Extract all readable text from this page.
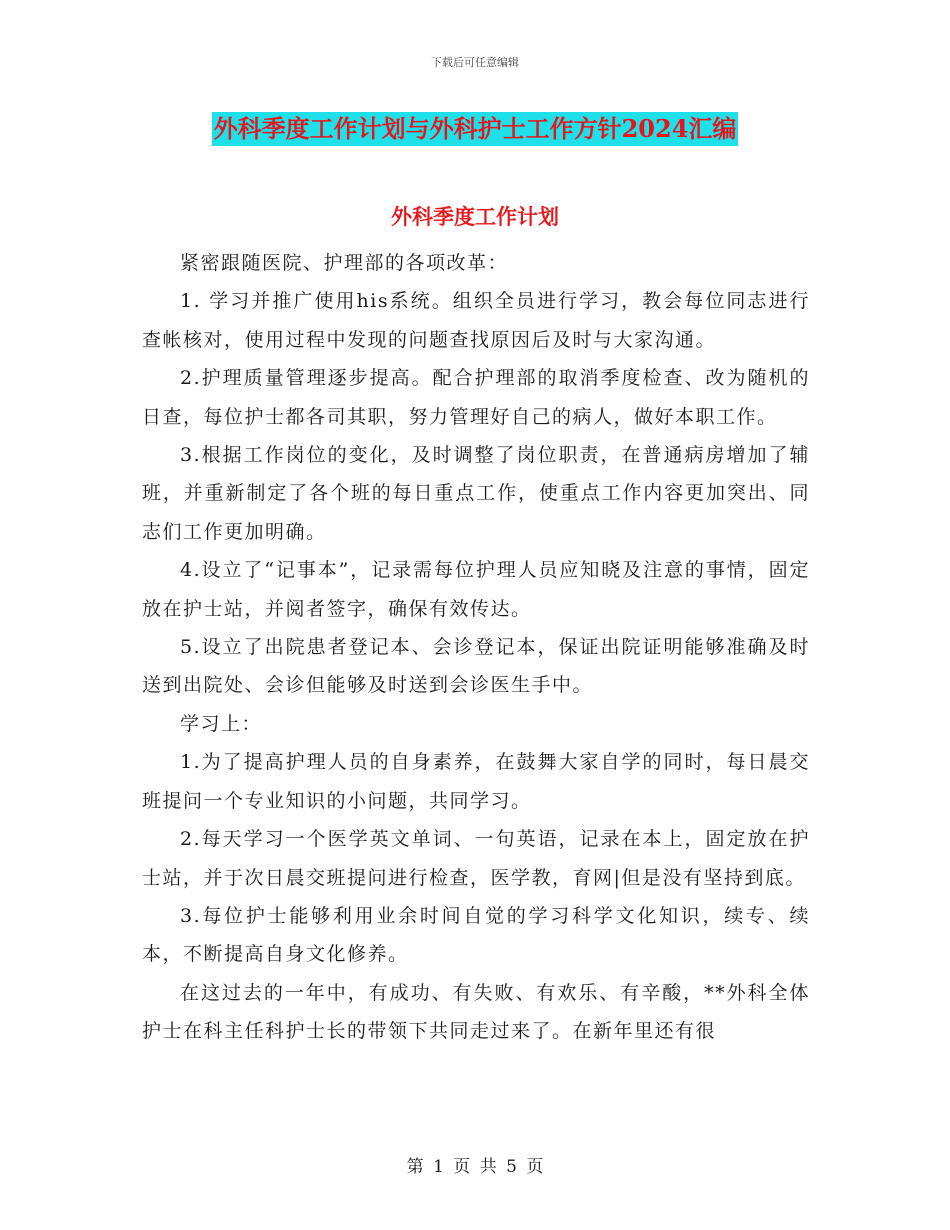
下载后可任意编辑
外科季度工作计划与外科护士工作方针2024汇编
外科季度工作计划

紧密跟随医院、护理部的各项改革：

1. 学习并推广使用his系统。组织全员进行学习，教会每位同志进行查帐核对，使用过程中发现的问题查找原因后及时与大家沟通。

2.护理质量管理逐步提高。配合护理部的取消季度检查、改为随机的日查，每位护士都各司其职，努力管理好自己的病人，做好本职工作。

3.根据工作岗位的变化，及时调整了岗位职责，在普通病房增加了辅班，并重新制定了各个班的每日重点工作，使重点工作内容更加突出、同志们工作更加明确。

4.设立了“记事本”，记录需每位护理人员应知晓及注意的事情，固定放在护士站，并阅者签字，确保有效传达。

5.设立了出院患者登记本、会诊登记本，保证出院证明能够准确及时送到出院处、会诊但能够及时送到会诊医生手中。

学习上：

1.为了提高护理人员的自身素养，在鼓舞大家自学的同时，每日晨交班提问一个专业知识的小问题，共同学习。

2.每天学习一个医学英文单词、一句英语，记录在本上，固定放在护士站，并于次日晨交班提问进行检查，医学教，育网|但是没有坚持到底。

3.每位护士能够利用业余时间自觉的学习科学文化知识，续专、续本，不断提高自身文化修养。

在这过去的一年中，有成功、有失败、有欢乐、有辛酸，**外科全体护士在科主任科护士长的带领下共同走过来了。在新年里还有很

第 1 页 共 5 页
